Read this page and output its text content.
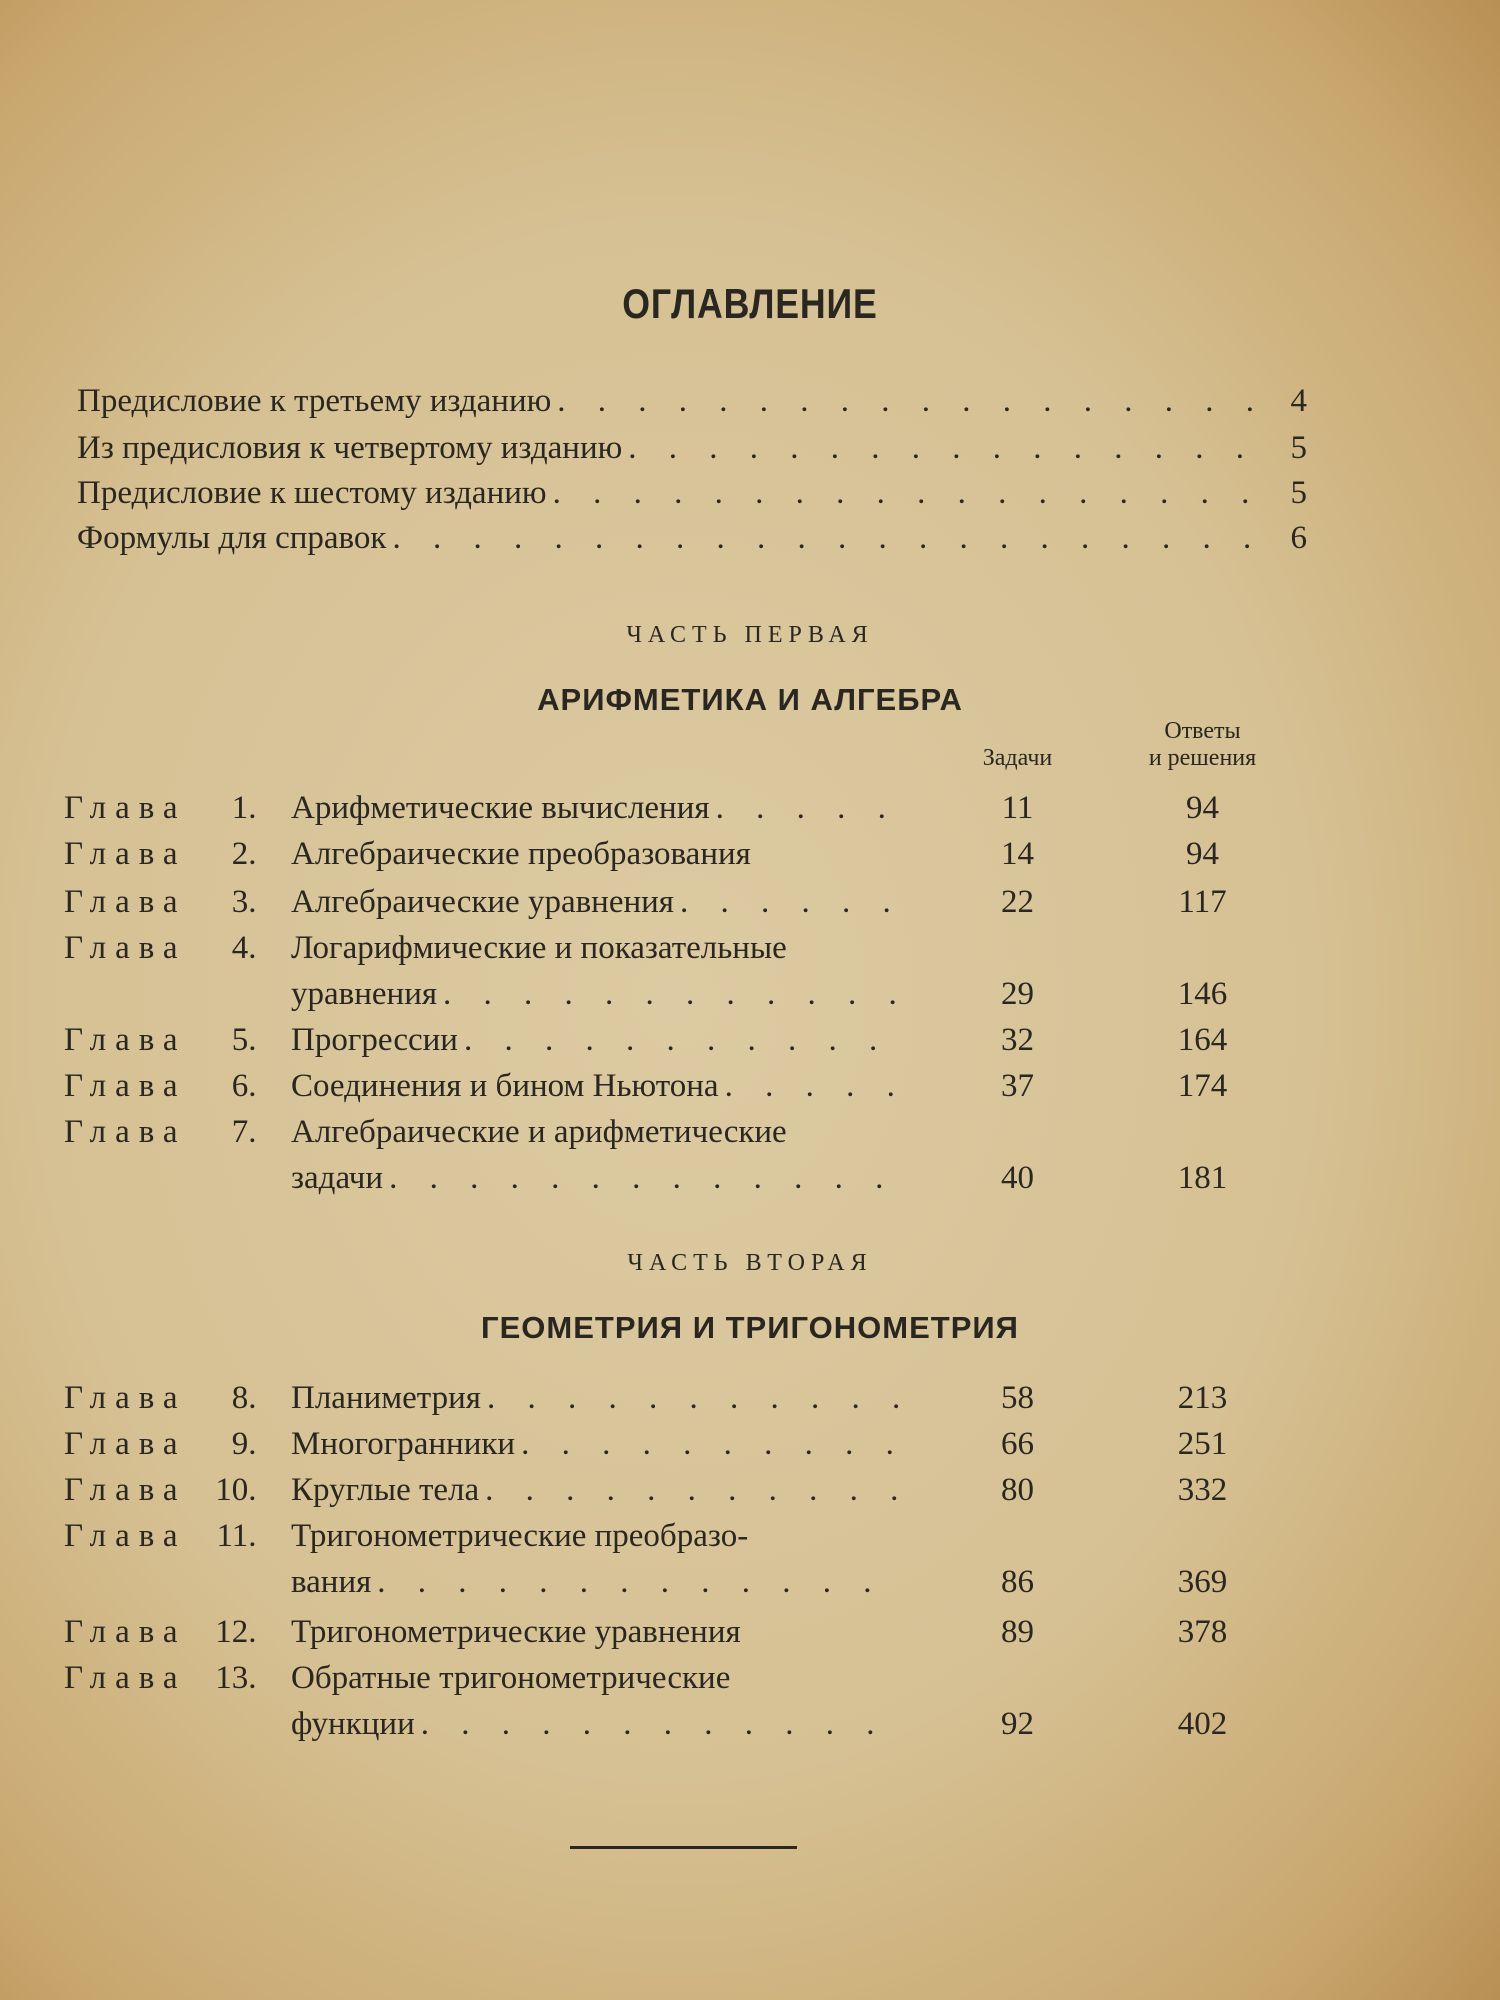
ОГЛАВЛЕНИЕ
Предисловие к третьему изданию . . .	4
Из предисловия к четвертому изданию . . .	5
Предисловие к шестому изданию . . .	5
Формулы для справок . . .	6
ЧАСТЬ ПЕРВАЯ
АРИФМЕТИКА И АЛГЕБРА
Ответы
и решения
Задачи
Глава	1. Арифметические вычисления . . .	11	94
Глава	2. Алгебраические преобразования	14	94
Глава	3. Алгебраические уравнения . . .	22	117
Глава	4. Логарифмические и показательные
уравнения . . .	29	146
Глава	5. Прогрессии . . .	32	164
Глава	6. Соединения и бином Ньютона . . .	37	174
Глава	7. Алгебраические и арифметические
задачи . . .	40	181
ЧАСТЬ ВТОРАЯ
ГЕОМЕТРИЯ И ТРИГОНОМЕТРИЯ
Глава	8. Планиметрия . . .	58	213
Глава	9. Многогранники . . .	66	251
Глава 10. Круглые тела . . .	80	332
Глава 11. Тригонометрические преобразо-
вания . . .	86	369
Глава 12. Тригонометрические уравнения	89	378
Глава 13. Обратные тригонометрические
функции . . .	92	402
